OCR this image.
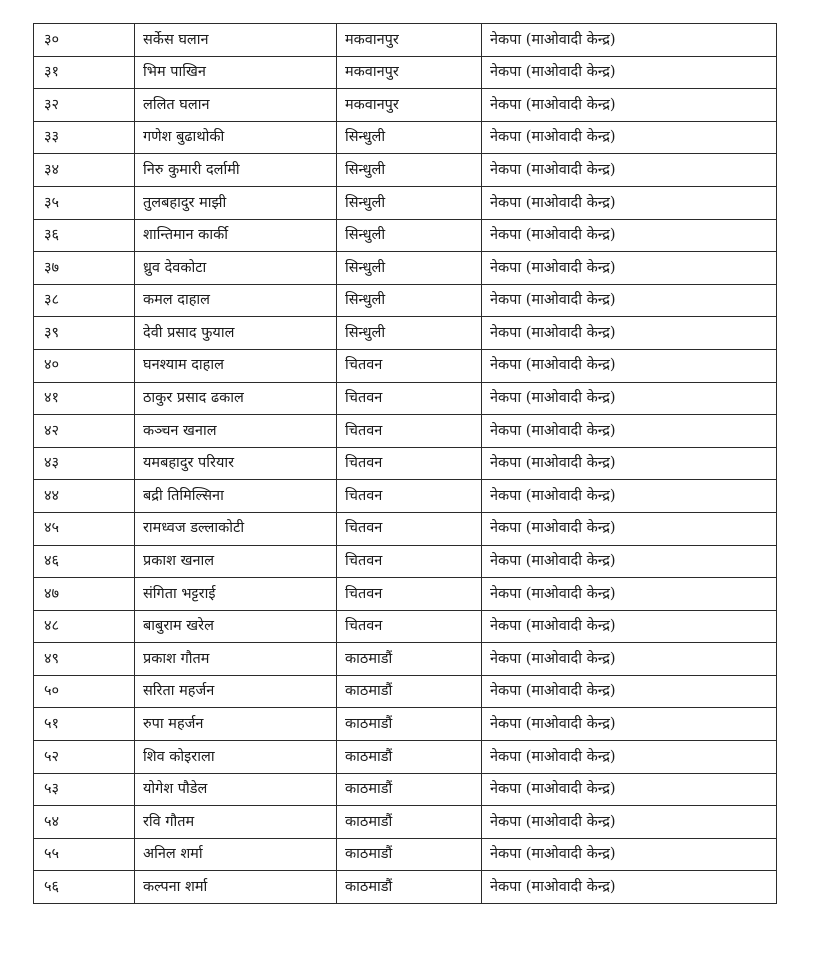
३०	सर्केस घलान	मकवानपुर	नेकपा (माओवादी केन्द्र)
३१	भिम पाखिन	मकवानपुर	नेकपा (माओवादी केन्द्र)
३२	ललित घलान	मकवानपुर	नेकपा (माओवादी केन्द्र)
३३	गणेश बुढाथोकी	सिन्धुली	नेकपा (माओवादी केन्द्र)
३४	निरु कुमारी दर्लामी	सिन्धुली	नेकपा (माओवादी केन्द्र)
३५	तुलबहादुर माझी	सिन्धुली	नेकपा (माओवादी केन्द्र)
३६	शान्तिमान कार्की	सिन्धुली	नेकपा (माओवादी केन्द्र)
३७	ध्रुव देवकोटा	सिन्धुली	नेकपा (माओवादी केन्द्र)
३८	कमल दाहाल	सिन्धुली	नेकपा (माओवादी केन्द्र)
३९	देवी प्रसाद फुयाल	सिन्धुली	नेकपा (माओवादी केन्द्र)
४०	घनश्याम दाहाल	चितवन	नेकपा (माओवादी केन्द्र)
४१	ठाकुर प्रसाद ढकाल	चितवन	नेकपा (माओवादी केन्द्र)
४२	कञ्चन खनाल	चितवन	नेकपा (माओवादी केन्द्र)
४३	यमबहादुर परियार	चितवन	नेकपा (माओवादी केन्द्र)
४४	बद्री तिमिल्सिना	चितवन	नेकपा (माओवादी केन्द्र)
४५	रामध्वज डल्लाकोटी	चितवन	नेकपा (माओवादी केन्द्र)
४६	प्रकाश खनाल	चितवन	नेकपा (माओवादी केन्द्र)
४७	संगिता भट्टराई	चितवन	नेकपा (माओवादी केन्द्र)
४८	बाबुराम खरेल	चितवन	नेकपा (माओवादी केन्द्र)
४९	प्रकाश गौतम	काठमाडौं	नेकपा (माओवादी केन्द्र)
५०	सरिता महर्जन	काठमाडौं	नेकपा (माओवादी केन्द्र)
५१	रुपा महर्जन	काठमाडौं	नेकपा (माओवादी केन्द्र)
५२	शिव कोइराला	काठमाडौं	नेकपा (माओवादी केन्द्र)
५३	योगेश पौडेल	काठमाडौं	नेकपा (माओवादी केन्द्र)
५४	रवि गौतम	काठमाडौं	नेकपा (माओवादी केन्द्र)
५५	अनिल शर्मा	काठमाडौं	नेकपा (माओवादी केन्द्र)
५६	कल्पना शर्मा	काठमाडौं	नेकपा (माओवादी केन्द्र)
